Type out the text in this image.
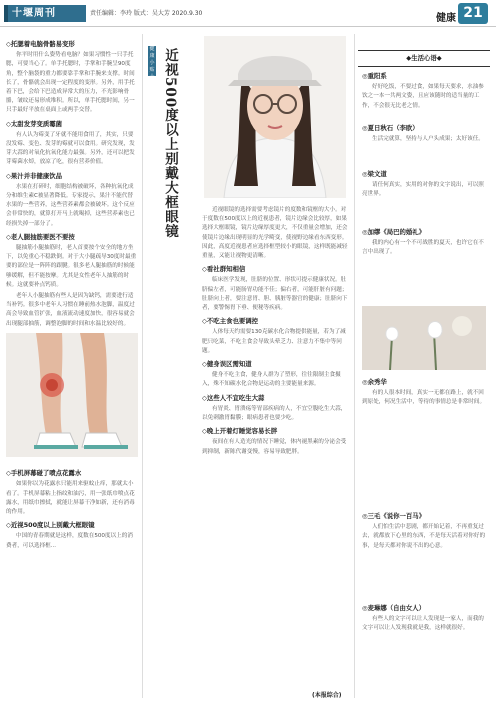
十堰周刊	责任编辑：李玲 版式：吴大芳 2020.9.30	健康 21
◇托腮着电脑骨骼易变形

你平时用什么姿势看电脑？如果习惯性一只手托腮，可要当心了。单手托腮时，手掌和手腕呈90度角，整个脑袋的重力都要靠手掌和手腕来支撑。时间长了，骨骼就会出现一定程度的变形。另外，用手托着下巴，会给下巴造成异常大的压力，不光影响骨骼，皱纹还易形成堆积。所以，单手托腮时间，另一只手最好平放在桌面上或两手交替。

◇太甜发芽变质霉菌

有人认为霉变了牙就不能用食用了，其实，只要没发霉、变色、发芽的霉就可以食用。研究发现，发芽大蒜的对氧化抗氧化能力最强。另外，还可以把发芽霉菌水焯，放凉了吃，很有营养价值。

◇果汁并非健康饮品

水果在打碎时，细胞结构被破坏，各种抗氧化成分和维生素C被显著降低。专家提示，果汁不能代替水果的一些营养，这些营养素都会被破坏。这个反应会非常快的，就算打开马上就喝掉，这些营养素也已经损失掉一部分了。

◇老人腿抽筋要医不要按

腿抽筋小腿抽筋时，老人首要按个安全的地方坐下，以免重心不稳跌倒。对于大小腿疏导30度时最重要的部位是一阵阵的跟腱。很多老人腿抽筋的时候能够缓解，但不能按摩。尤其是女性老年人抽筋的时候。这就要补点钙质。

老年人小腿抽筋有些人是因为缺钙，需要进行适当补钙。很多中老年人习惯在睡前热水泡脚，温度过高会导致血管扩张，血液流动速度加快，很容易就会出现腿部抽筋，调整泡脚的时间和水温比较好的。

◇手机屏幕碰了喷点花露水

如果你以为花露水只能用来驱蚊止痒，那就太小看了。手机屏幕粘上指纹和油污，用一张纸巾喷点花露水，用纸巾擦拭，就能让屏幕干净如新，还有消毒的作用。

◇近视500度以上别戴大框眼镜

中国的青春期就是这样，度数在500度以上的消费者，可以选择框...

健康小贴士 近视500度以上别戴大框眼镜	近视眼镜的选择需要考虑镜片的度数和镜框的大小。对于度数在500度以上的近视患者，镜片边缘会比较厚，如果选择大框眼镜，镜片边缘厚度更大，不仅重量会增加，还会使镜片边缘出现明显的光学畸变，使视野边缘看东西变形。因此，高度近视患者应选择框型较小的眼镜，这样既能减轻重量，又能让视物更清晰。

◇看社群知相信

临床医学发现，肚脐的位置、形状可提示健康状况。肚脐偏左者，可能肠胃功能不佳；偏右者，可能肝脏有问题；肚脐向上者，要注意胃、胆、胰脏等器官的健康；肚脐向下者，要警惕胃下垂、便秘等疾病。

◇不吃主食也要调控

人体每天约需要130克碳水化合物提供能量，若为了减肥只吃菜，不吃主食会导致头晕乏力、注意力不集中等问题。

◇健身误区需知道

健身不吃主食，健身人群为了塑形，往往限制主食摄入，殊不知碳水化合物是运动的主要能量来源。

◇这些人不宜吃生大蒜

有胃炎、胃溃疡等胃部疾病的人，不宜空腹吃生大蒜，以免刺激胃黏膜；眼病患者也要少吃。

◇晚上开着灯睡觉容易长胖

夜间在有人造光的情况下睡觉，体内褪黑素的分泌会受到抑制，新陈代谢变慢，容易导致肥胖。

(本报综合)
◆生活心语◆
◎重阳系

好好吃饭，不要过食，如果每天要求，水油参饮之一本一共两文姿，且应该随时的适当量的工作，不会很无比老之情。

◎夏日秋石（李欧）

生活完就算，坚持与人户头成果；太好该任。

◎梁文道

请任何真实，实用的对你的文字说出，可以照亮世界。

◎加缪《局巴的婚礼》

我的内心有一个不可战胜的夏天，也许它在不言中出现了。

◎余秀华

有的人很本时间，真实一无都在路上，就不回到原处，何况生活中，等待的事情总是非常时间。

◎三毛《说你一百马》

人们怕生活中悲剧，都开始记着，不再重复过去，就都放下心里的东西，不是每天活着对你好的事，是每天都对你说不出的心意。

◎麦琳娜（自由女人）

有些人的文字可以让人发现是一家人，而我的文字可以让人发现我就是我，这样就很好。
